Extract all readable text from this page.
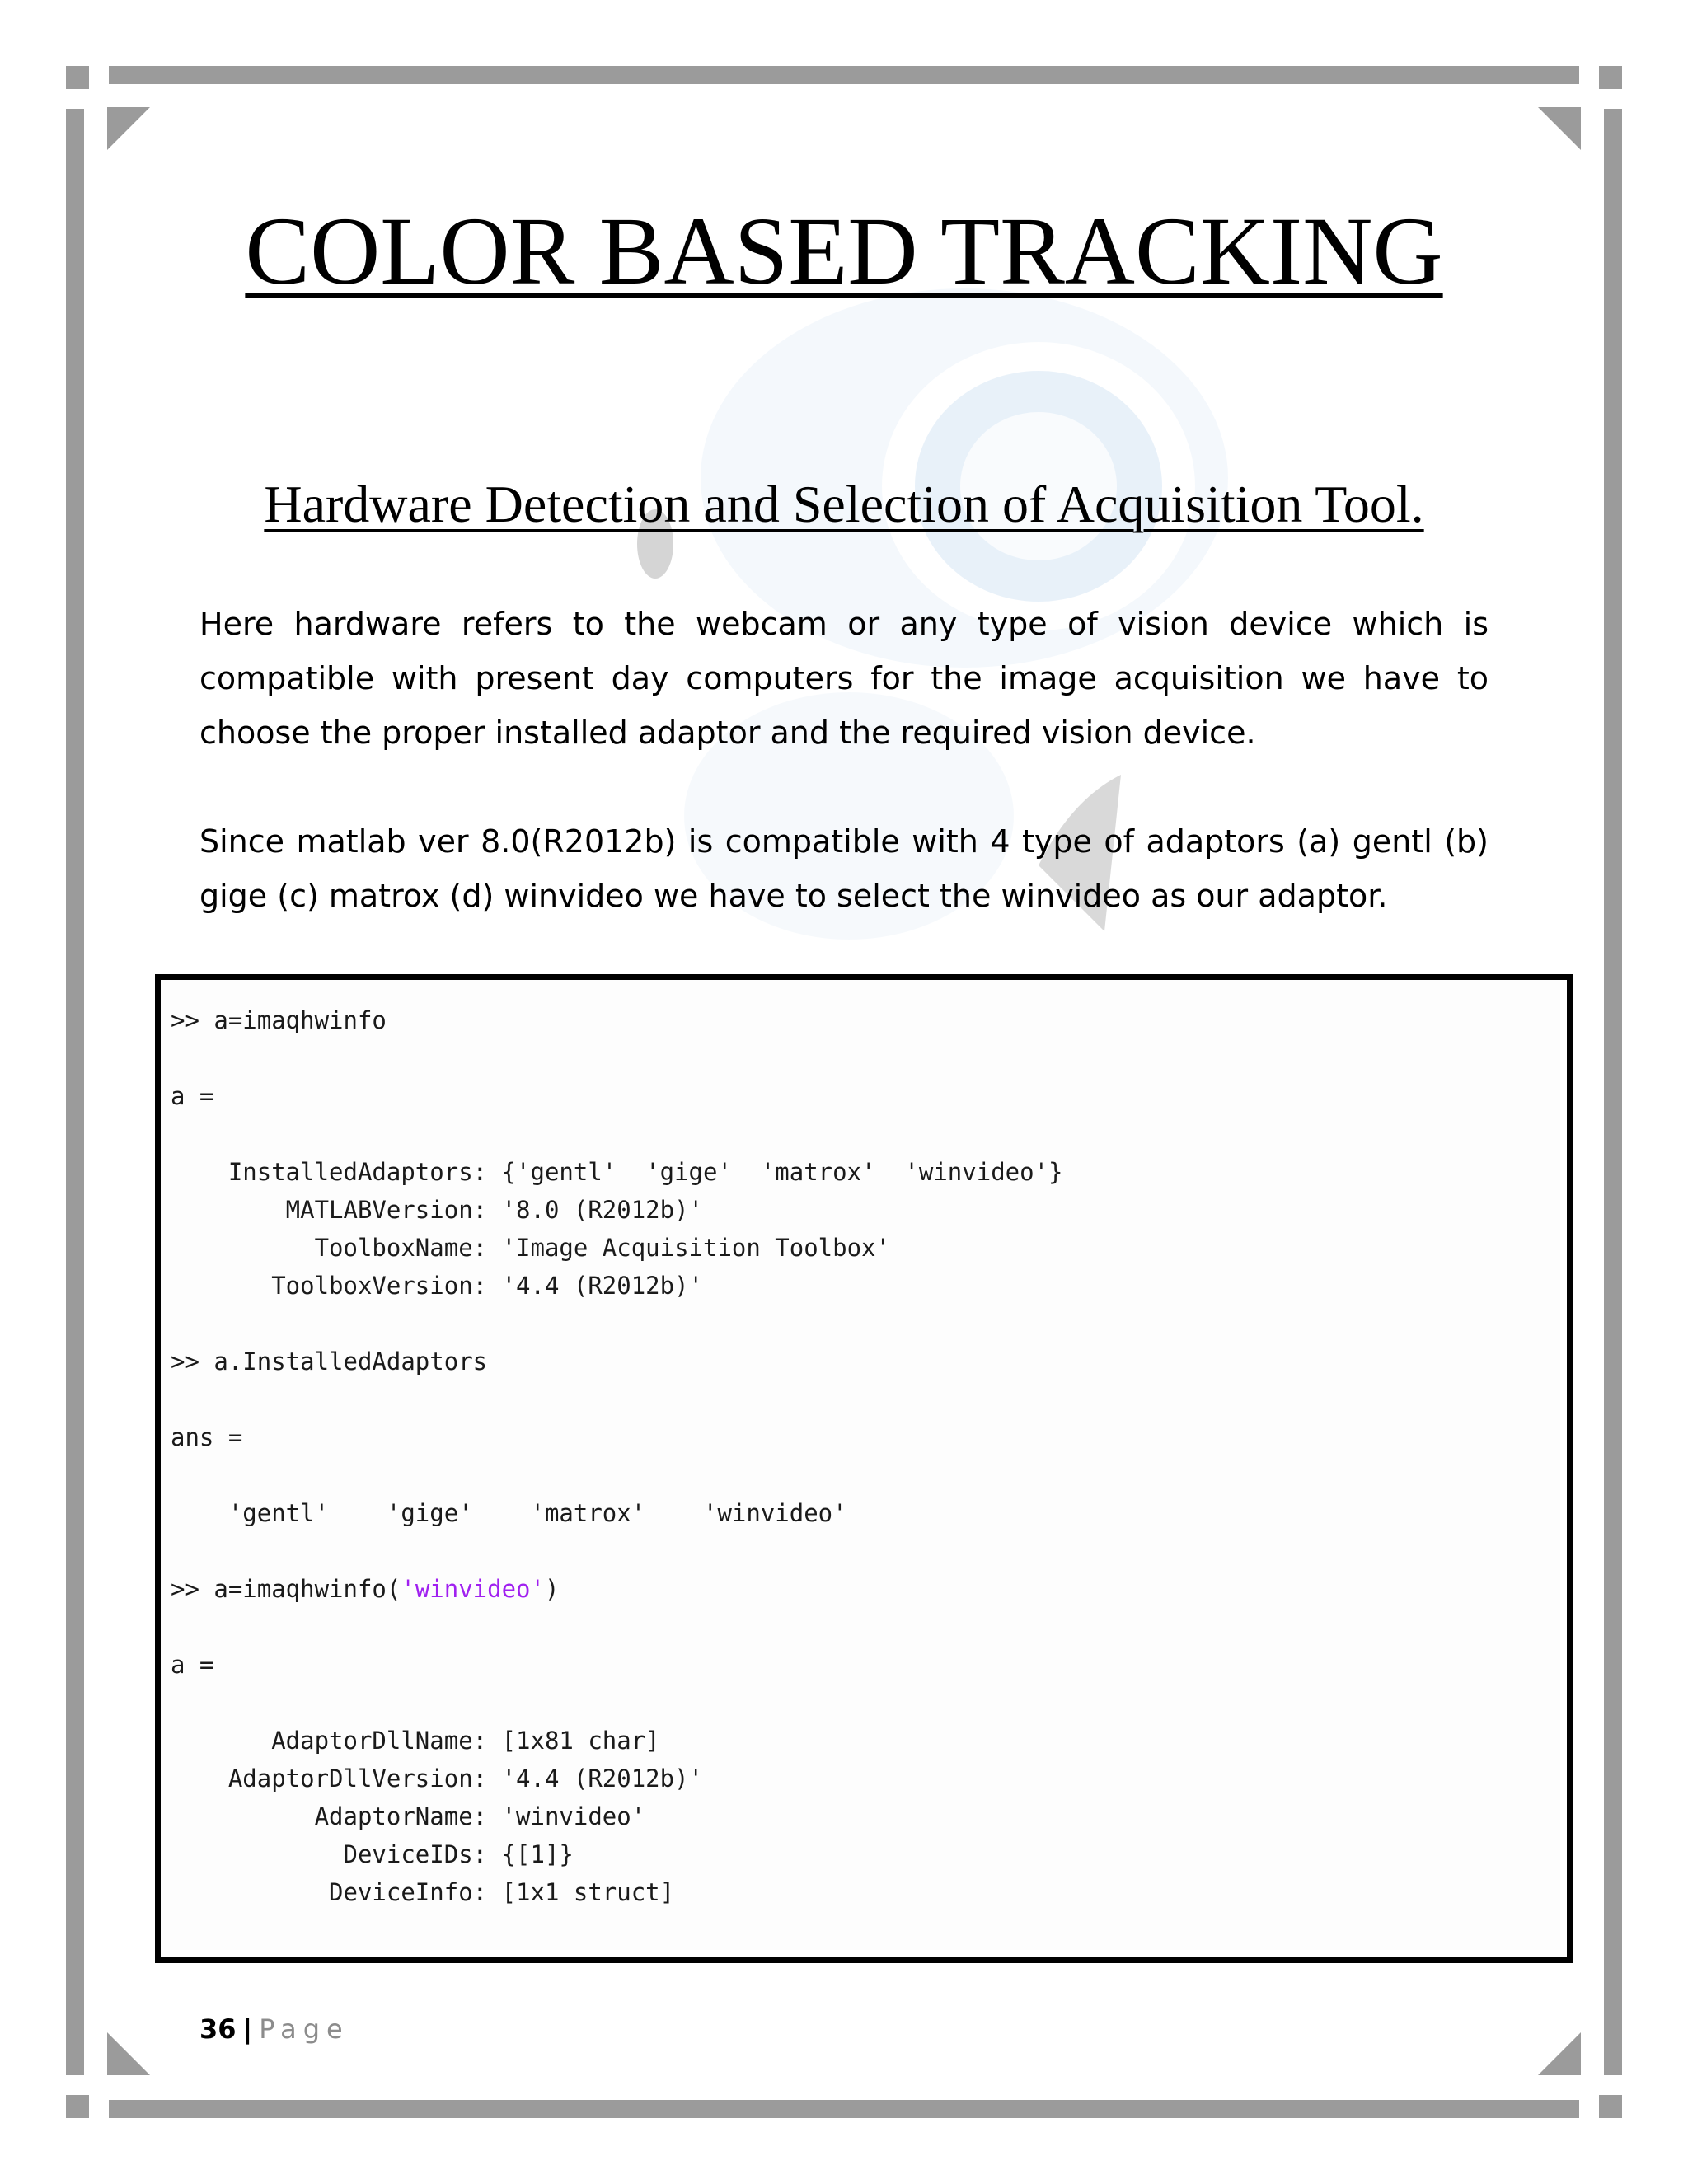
COLOR BASED TRACKING
Hardware Detection and Selection of Acquisition Tool.

Here hardware refers to the webcam or any type of vision device which is compatible with present day computers for the image acquisition we have to choose the proper installed adaptor and the required vision device.

Since matlab ver 8.0(R2012b) is compatible with 4 type of adaptors (a) gentl (b) gige (c) matrox (d) winvideo we have to select the winvideo as our adaptor.

>> a=imaqhwinfo
a =
InstalledAdaptors: {'gentl'  'gige'  'matrox'  'winvideo'}
MATLABVersion: '8.0 (R2012b)'
ToolboxName: 'Image Acquisition Toolbox'
ToolboxVersion: '4.4 (R2012b)'
>> a.InstalledAdaptors
ans =
'gentl'    'gige'    'matrox'    'winvideo'
>> a=imaqhwinfo('winvideo')
a =
AdaptorDllName: [1x81 char]
AdaptorDllVersion: '4.4 (R2012b)'
AdaptorName: 'winvideo'
DeviceIDs: {[1]}
DeviceInfo: [1x1 struct]
36 | Page
